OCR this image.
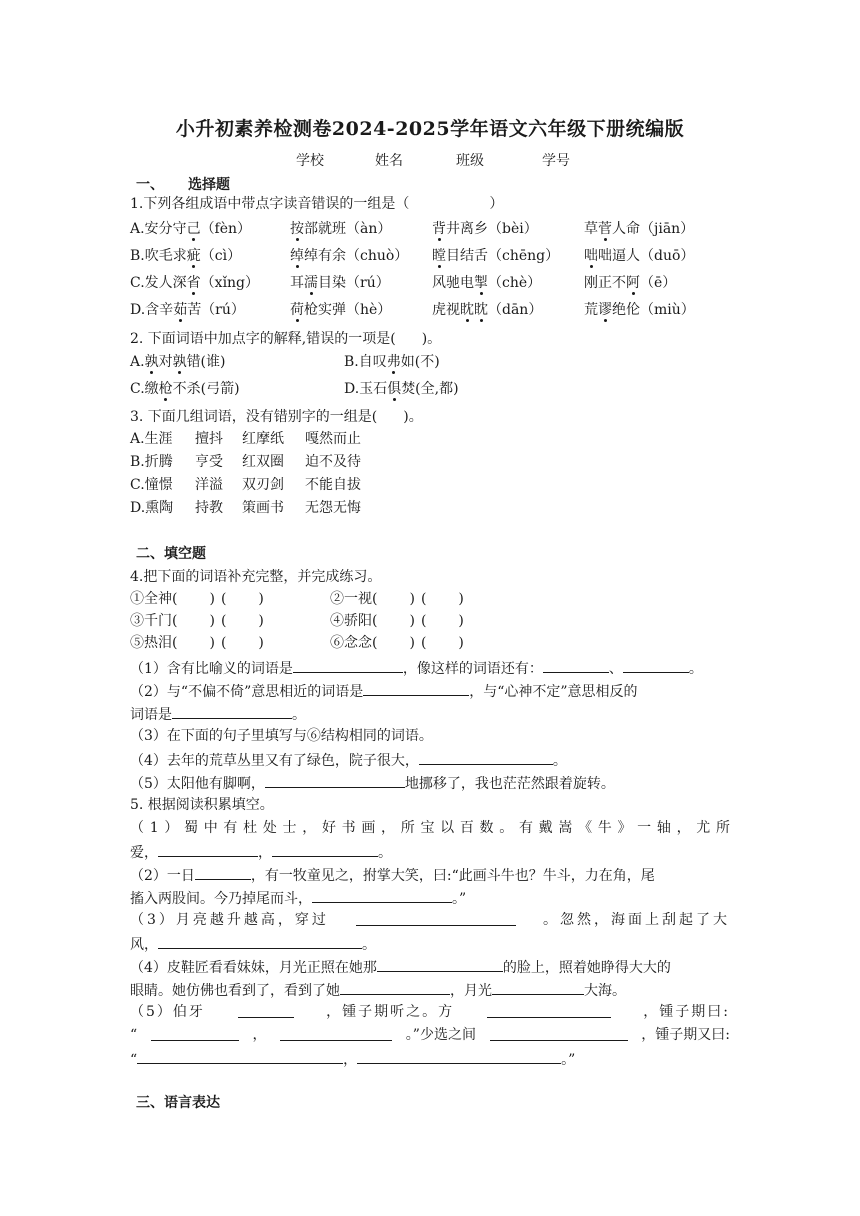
小升初素养检测卷2024-2025学年语文六年级下册统编版
学校	姓名	班级	学号
一、 选择题
1.下列各组成语中带点字读音错误的一组是（	）
A.安分守己（fèn）	按部就班（àn）	背井离乡（bèi）	草菅人命（jiān）
B.吹毛求疵（cì）	绰绰有余（chuò） 瞠目结舌（chēng） 咄咄逼人（duō）
C.发人深省（xǐng） 耳濡目染（rú）	风驰电掣（chè）	刚正不阿（ē）
D.含辛茹苦（rú）	荷枪实弹（hè）	虎视眈眈（dān）	荒谬绝伦（miù）
2. 下面词语中加点字的解释,错误的一项是( )。
A.孰对孰错(谁)	B.自叹弗如(不)
C.缴枪不杀(弓箭)	D.玉石俱焚(全,都)
3. 下面几组词语，没有错别字的一组是( )。
A.生涯 擅抖 红摩纸 嘎然而止
B.折腾 亨受 红双圈 迫不及待
C.憧憬 洋溢 双刃剑 不能自拔
D.熏陶 持教 策画书 无怨无悔
二、填空题
4.把下面的词语补充完整，并完成练习。
①全神( ) ( )	②一视( ) ( )
③千门( ) ( )	④骄阳( ) ( )
⑤热泪( ) ( )	⑥念念( ) ( )
（1）含有比喻义的词语是	，像这样的词语还有：	、	。
（2）与“不偏不倚”意思相近的词语是	，与“心神不定”意思相反的
词语是	。
（3）在下面的句子里填写与⑥结构相同的词语。
（4）去年的荒草丛里又有了绿色，院子很大，	。
（5）太阳他有脚啊，	地挪移了，我也茫茫然跟着旋转。
5. 根据阅读积累填空。
（1）蜀中有杜处士，好书画，所宝以百数。有戴嵩《牛》一轴，尤所
爱，	，	。
（2）一日	，有一牧童见之，拊掌大笑，曰:“此画斗牛也？牛斗，力在角，尾
搐入两股间。今乃掉尾而斗，	。”
（3）月亮越升越高，穿过	。忽然，海面上刮起了大
风，	。
（4）皮鞋匠看看妹妹，月光正照在她那	的脸上，照着她睁得大大的
眼睛。她仿佛也看到了，看到了她	，月光	大海。
（5）伯牙	，锺子期听之。方	，锺子期曰:
“	，	。”少选之间	，锺子期又曰:
“	，	。”
三、语言表达
